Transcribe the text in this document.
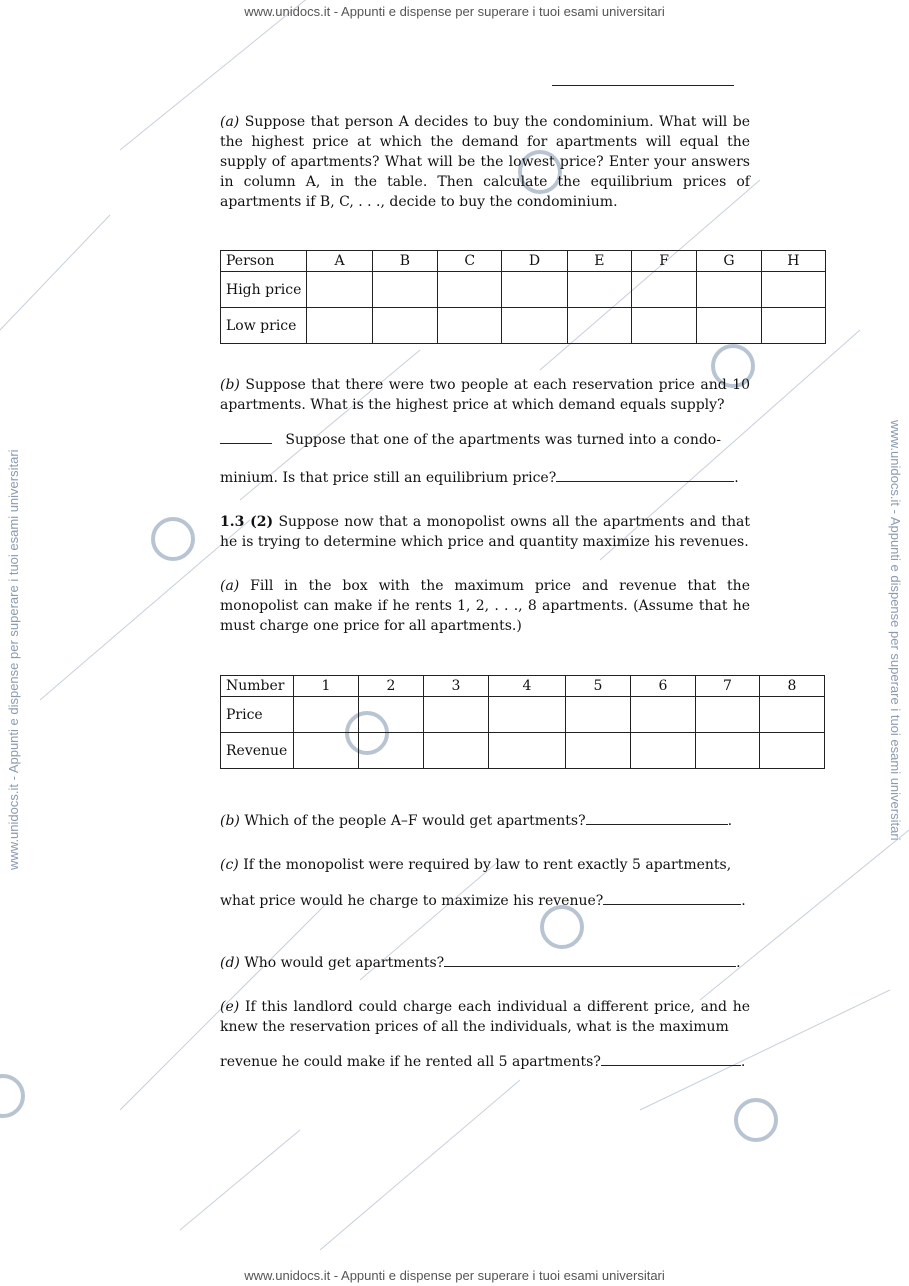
www.unidocs.it - Appunti e dispense per superare i tuoi esami universitari
www.unidocs.it - Appunti e dispense per superare i tuoi esami universitari
www.unidocs.it - Appunti e dispense per superare i tuoi esami universitari	www.unidocs.it - Appunti e dispense per superare i tuoi esami universitari

(a) Suppose that person A decides to buy the condominium. What will be the highest price at which the demand for apartments will equal the supply of apartments? What will be the lowest price? Enter your answers in column A, in the table. Then calculate the equilibrium prices of apartments if B, C, . . ., decide to buy the condominium.

Person	A	B	C	D	E	F	G	H
High price								
Low price								

(b) Suppose that there were two people at each reservation price and 10 apartments. What is the highest price at which demand equals supply?

Suppose that one of the apartments was turned into a condo-

minium. Is that price still an equilibrium price?	.

1.3 (2) Suppose now that a monopolist owns all the apartments and that he is trying to determine which price and quantity maximize his revenues.

(a) Fill in the box with the maximum price and revenue that the monopolist can make if he rents 1, 2, . . ., 8 apartments. (Assume that he must charge one price for all apartments.)

Number	1	2	3	4	5	6	7	8
Price								
Revenue								

(b) Which of the people A–F would get apartments?	.

(c) If the monopolist were required by law to rent exactly 5 apartments,

what price would he charge to maximize his revenue?	.

(d) Who would get apartments?	.

(e) If this landlord could charge each individual a different price, and he knew the reservation prices of all the individuals, what is the maximum

revenue he could make if he rented all 5 apartments?	.
